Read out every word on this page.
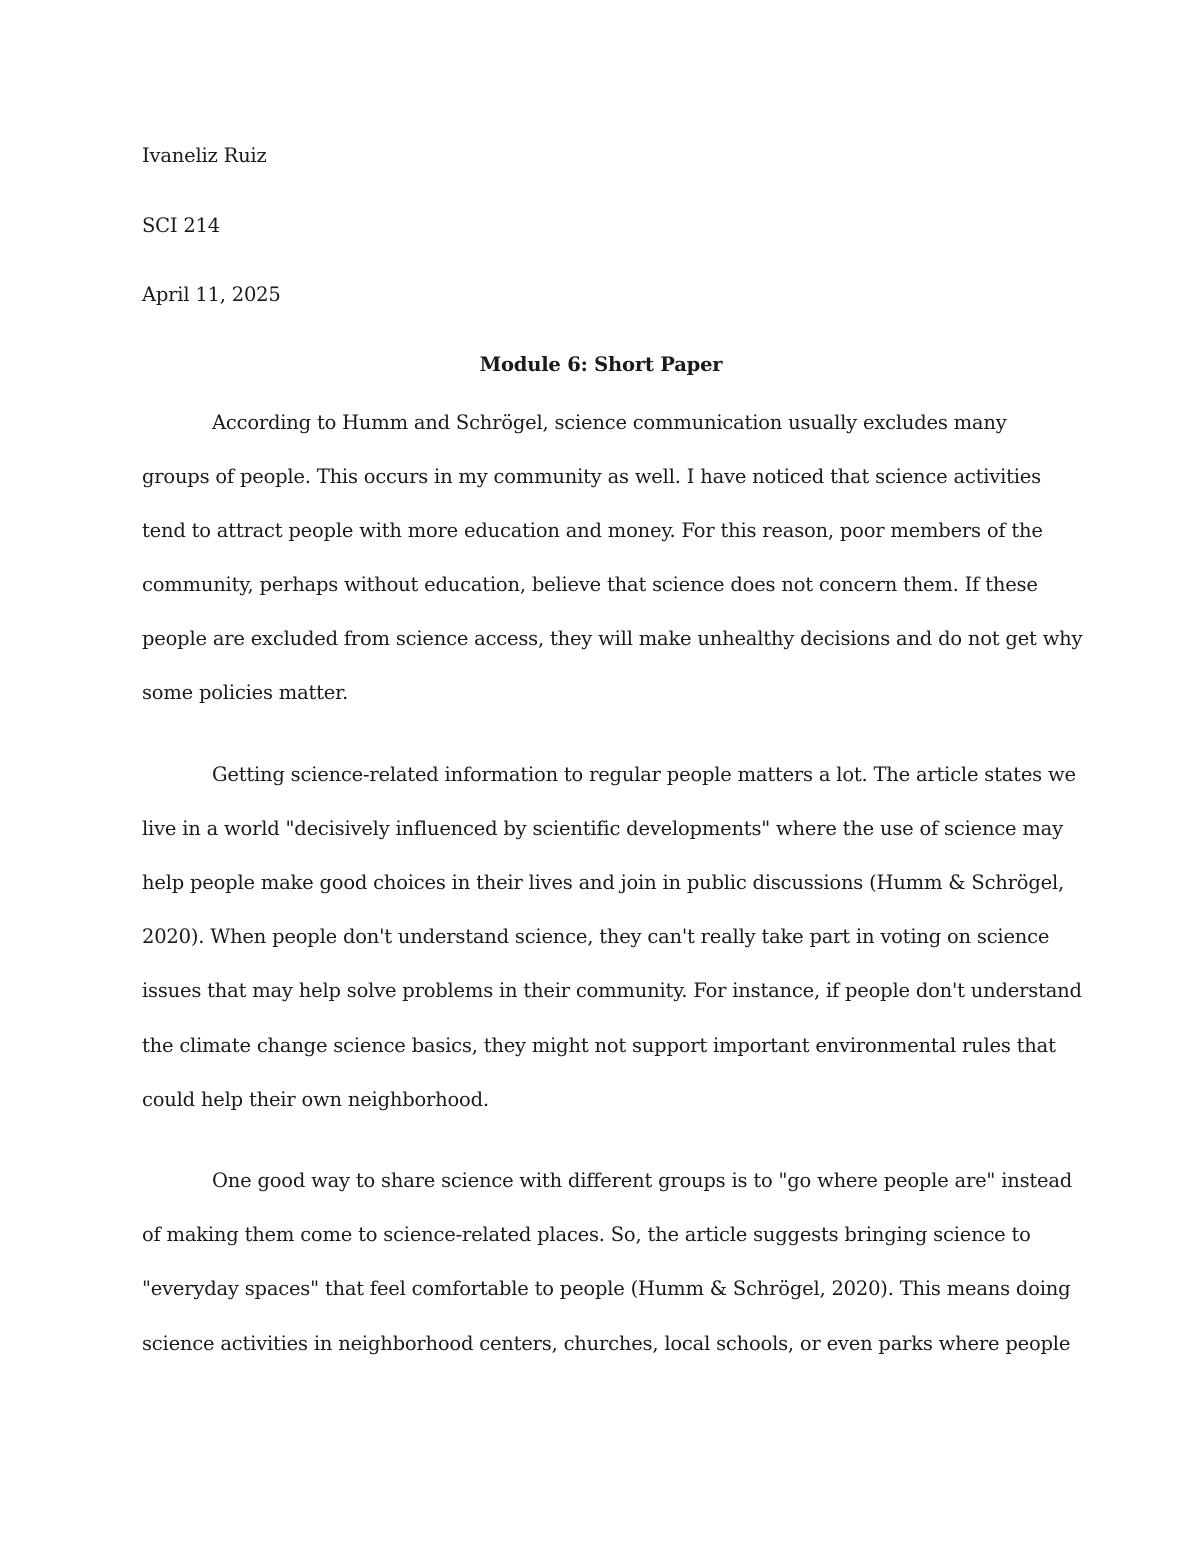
Ivaneliz Ruiz
SCI 214
April 11, 2025
Module 6: Short Paper
According to Humm and Schrögel, science communication usually excludes many
groups of people. This occurs in my community as well. I have noticed that science activities
tend to attract people with more education and money. For this reason, poor members of the
community, perhaps without education, believe that science does not concern them. If these
people are excluded from science access, they will make unhealthy decisions and do not get why
some policies matter.
Getting science-related information to regular people matters a lot. The article states we
live in a world "decisively influenced by scientific developments" where the use of science may
help people make good choices in their lives and join in public discussions (Humm & Schrögel,
2020). When people don't understand science, they can't really take part in voting on science
issues that may help solve problems in their community. For instance, if people don't understand
the climate change science basics, they might not support important environmental rules that
could help their own neighborhood.
One good way to share science with different groups is to "go where people are" instead
of making them come to science-related places. So, the article suggests bringing science to
"everyday spaces" that feel comfortable to people (Humm & Schrögel, 2020). This means doing
science activities in neighborhood centers, churches, local schools, or even parks where people
